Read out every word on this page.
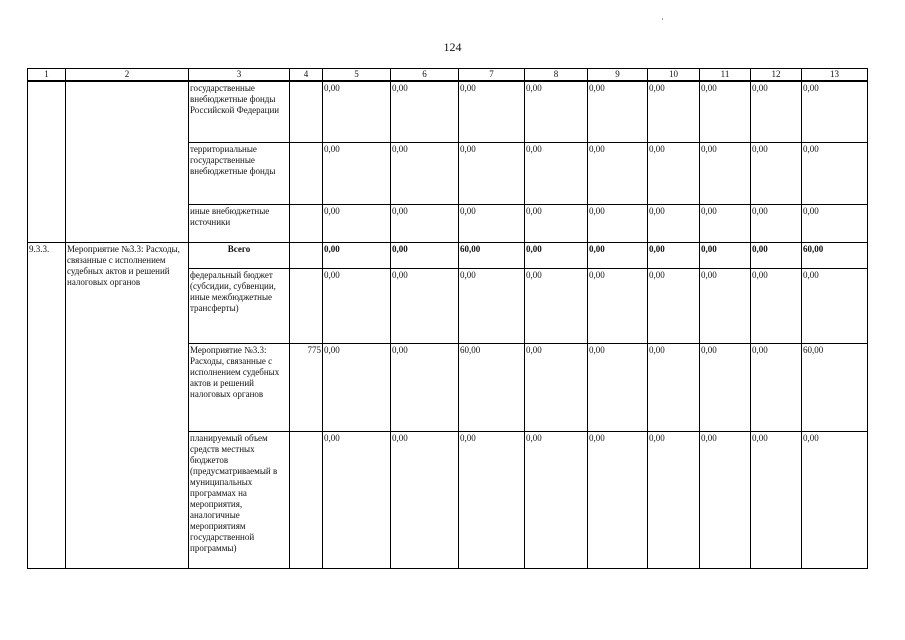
124
1	2	3	4	5	6	7	8	9	10	11	12	13
		государственные внебюджетные фонды Российской Федерации		0,00	0,00	0,00	0,00	0,00	0,00	0,00	0,00	0,00
		территориальные государственные внебюджетные фонды		0,00	0,00	0,00	0,00	0,00	0,00	0,00	0,00	0,00
		иные внебюджетные источники		0,00	0,00	0,00	0,00	0,00	0,00	0,00	0,00	0,00
9.3.3.	Мероприятие №3.3: Расходы, связанные с исполнением судебных актов и решений налоговых органов	Всего		0,00	0,00	60,00	0,00	0,00	0,00	0,00	0,00	60,00
		федеральный бюджет (субсидии, субвенции, иные межбюджетные трансферты)		0,00	0,00	0,00	0,00	0,00	0,00	0,00	0,00	0,00
		Мероприятие №3.3: Расходы, связанные с исполнением судебных актов и решений налоговых органов	775	0,00	0,00	60,00	0,00	0,00	0,00	0,00	0,00	60,00
		планируемый объем средств местных бюджетов (предусматриваемый в муниципальных программах на мероприятия, аналогичные мероприятиям государственной программы)		0,00	0,00	0,00	0,00	0,00	0,00	0,00	0,00	0,00
